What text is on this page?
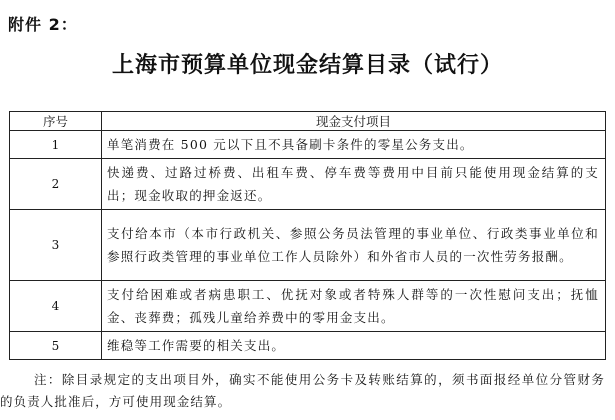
附件 2：
上海市预算单位现金结算目录（试行）
序号	现金支付项目
1	单笔消费在 500 元以下且不具备刷卡条件的零星公务支出。
2	快递费、过路过桥费、出租车费、停车费等费用中目前只能使用现金结算的支出；现金收取的押金返还。
3	支付给本市（本市行政机关、参照公务员法管理的事业单位、行政类事业单位和参照行政类管理的事业单位工作人员除外）和外省市人员的一次性劳务报酬。
4	支付给困难或者病患职工、优抚对象或者特殊人群等的一次性慰问支出；抚恤金、丧葬费；孤残儿童给养费中的零用金支出。
5	维稳等工作需要的相关支出。
注：除目录规定的支出项目外，确实不能使用公务卡及转账结算的，须书面报经单位分管财务的负责人批准后，方可使用现金结算。
